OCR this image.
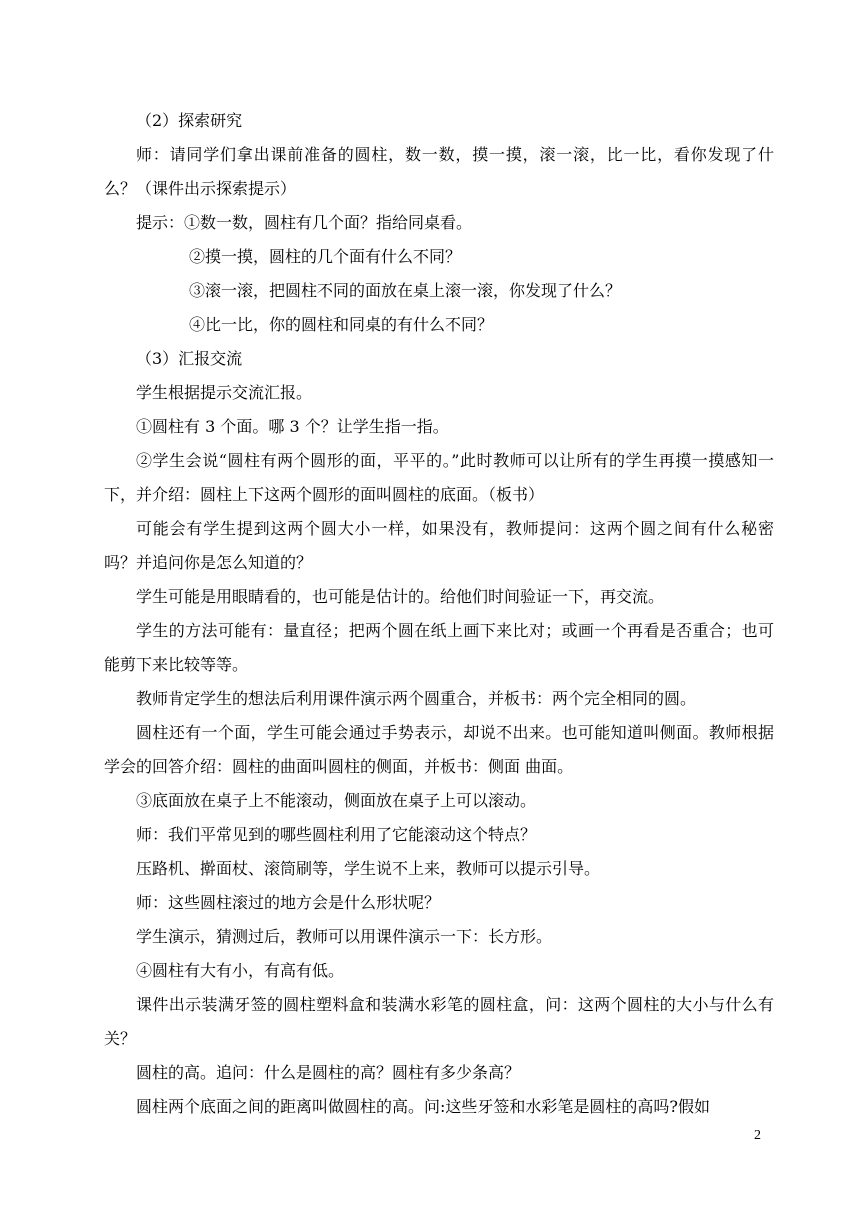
（2）探索研究

师：请同学们拿出课前准备的圆柱，数一数，摸一摸，滚一滚，比一比，看你发现了什么？（课件出示探索提示）

提示：①数一数，圆柱有几个面？指给同桌看。

②摸一摸，圆柱的几个面有什么不同？

③滚一滚，把圆柱不同的面放在桌上滚一滚，你发现了什么？

④比一比，你的圆柱和同桌的有什么不同？

（3）汇报交流

学生根据提示交流汇报。

①圆柱有 3 个面。哪 3 个？让学生指一指。

②学生会说“圆柱有两个圆形的面，平平的。”此时教师可以让所有的学生再摸一摸感知一下，并介绍：圆柱上下这两个圆形的面叫圆柱的底面。（板书）

可能会有学生提到这两个圆大小一样，如果没有，教师提问：这两个圆之间有什么秘密吗？并追问你是怎么知道的？

学生可能是用眼睛看的，也可能是估计的。给他们时间验证一下，再交流。

学生的方法可能有：量直径；把两个圆在纸上画下来比对；或画一个再看是否重合；也可能剪下来比较等等。

教师肯定学生的想法后利用课件演示两个圆重合，并板书：两个完全相同的圆。

圆柱还有一个面，学生可能会通过手势表示，却说不出来。也可能知道叫侧面。教师根据学会的回答介绍：圆柱的曲面叫圆柱的侧面，并板书：侧面 曲面。

③底面放在桌子上不能滚动，侧面放在桌子上可以滚动。

师：我们平常见到的哪些圆柱利用了它能滚动这个特点？

压路机、擀面杖、滚筒刷等，学生说不上来，教师可以提示引导。

师：这些圆柱滚过的地方会是什么形状呢？

学生演示，猜测过后，教师可以用课件演示一下：长方形。

④圆柱有大有小，有高有低。

课件出示装满牙签的圆柱塑料盒和装满水彩笔的圆柱盒，问：这两个圆柱的大小与什么有关？

圆柱的高。追问：什么是圆柱的高？圆柱有多少条高？

圆柱两个底面之间的距离叫做圆柱的高。问:这些牙签和水彩笔是圆柱的高吗?假如

2
